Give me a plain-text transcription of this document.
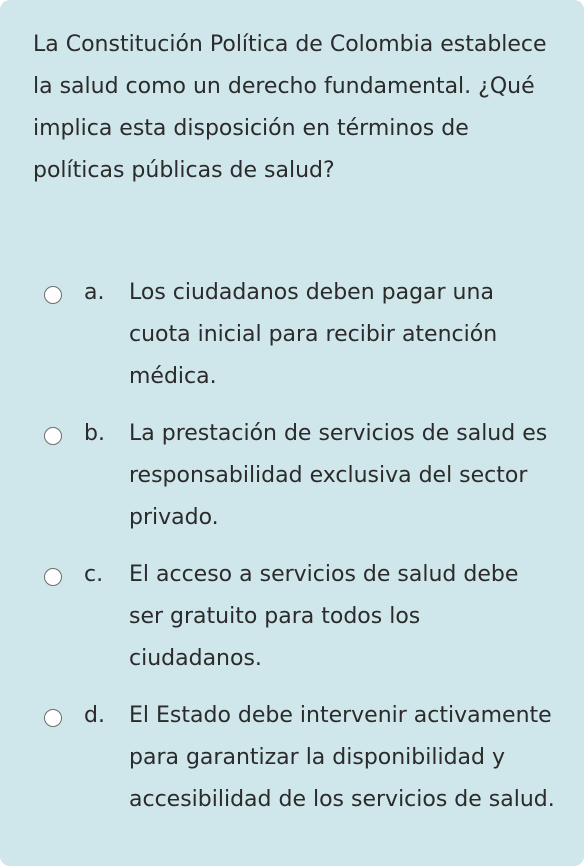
La Constitución Política de Colombia establece la salud como un derecho fundamental. ¿Qué implica esta disposición en términos de políticas públicas de salud?

a. Los ciudadanos deben pagar una cuota inicial para recibir atención médica.
b. La prestación de servicios de salud es responsabilidad exclusiva del sector privado.
c. El acceso a servicios de salud debe ser gratuito para todos los ciudadanos.
d. El Estado debe intervenir activamente para garantizar la disponibilidad y accesibilidad de los servicios de salud.
